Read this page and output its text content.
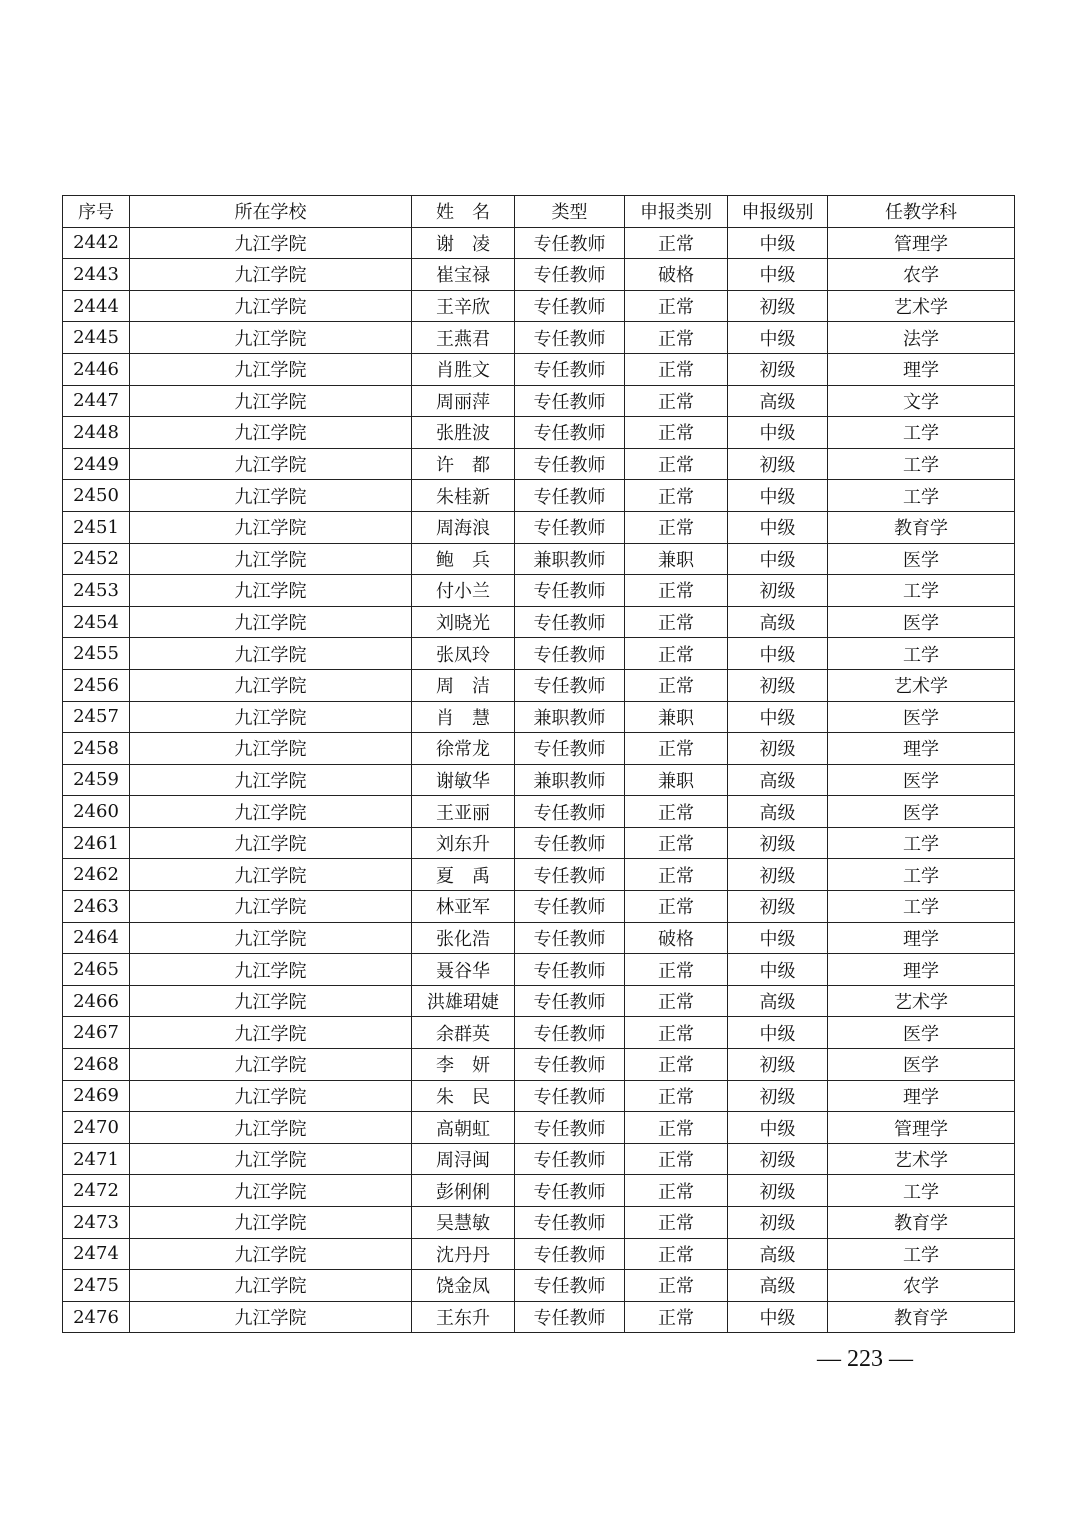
序号	所在学校	姓　名	类型	申报类别	申报级别	任教学科
2442	九江学院	谢　凌	专任教师	正常	中级	管理学
2443	九江学院	崔宝禄	专任教师	破格	中级	农学
2444	九江学院	王辛欣	专任教师	正常	初级	艺术学
2445	九江学院	王燕君	专任教师	正常	中级	法学
2446	九江学院	肖胜文	专任教师	正常	初级	理学
2447	九江学院	周丽萍	专任教师	正常	高级	文学
2448	九江学院	张胜波	专任教师	正常	中级	工学
2449	九江学院	许　都	专任教师	正常	初级	工学
2450	九江学院	朱桂新	专任教师	正常	中级	工学
2451	九江学院	周海浪	专任教师	正常	中级	教育学
2452	九江学院	鲍　兵	兼职教师	兼职	中级	医学
2453	九江学院	付小兰	专任教师	正常	初级	工学
2454	九江学院	刘晓光	专任教师	正常	高级	医学
2455	九江学院	张凤玲	专任教师	正常	中级	工学
2456	九江学院	周　洁	专任教师	正常	初级	艺术学
2457	九江学院	肖　慧	兼职教师	兼职	中级	医学
2458	九江学院	徐常龙	专任教师	正常	初级	理学
2459	九江学院	谢敏华	兼职教师	兼职	高级	医学
2460	九江学院	王亚丽	专任教师	正常	高级	医学
2461	九江学院	刘东升	专任教师	正常	初级	工学
2462	九江学院	夏　禹	专任教师	正常	初级	工学
2463	九江学院	林亚军	专任教师	正常	初级	工学
2464	九江学院	张化浩	专任教师	破格	中级	理学
2465	九江学院	聂谷华	专任教师	正常	中级	理学
2466	九江学院	洪雄珺婕	专任教师	正常	高级	艺术学
2467	九江学院	余群英	专任教师	正常	中级	医学
2468	九江学院	李　妍	专任教师	正常	初级	医学
2469	九江学院	朱　民	专任教师	正常	初级	理学
2470	九江学院	高朝虹	专任教师	正常	中级	管理学
2471	九江学院	周浔闽	专任教师	正常	初级	艺术学
2472	九江学院	彭俐俐	专任教师	正常	初级	工学
2473	九江学院	吴慧敏	专任教师	正常	初级	教育学
2474	九江学院	沈丹丹	专任教师	正常	高级	工学
2475	九江学院	饶金凤	专任教师	正常	高级	农学
2476	九江学院	王东升	专任教师	正常	中级	教育学
— 223 —
